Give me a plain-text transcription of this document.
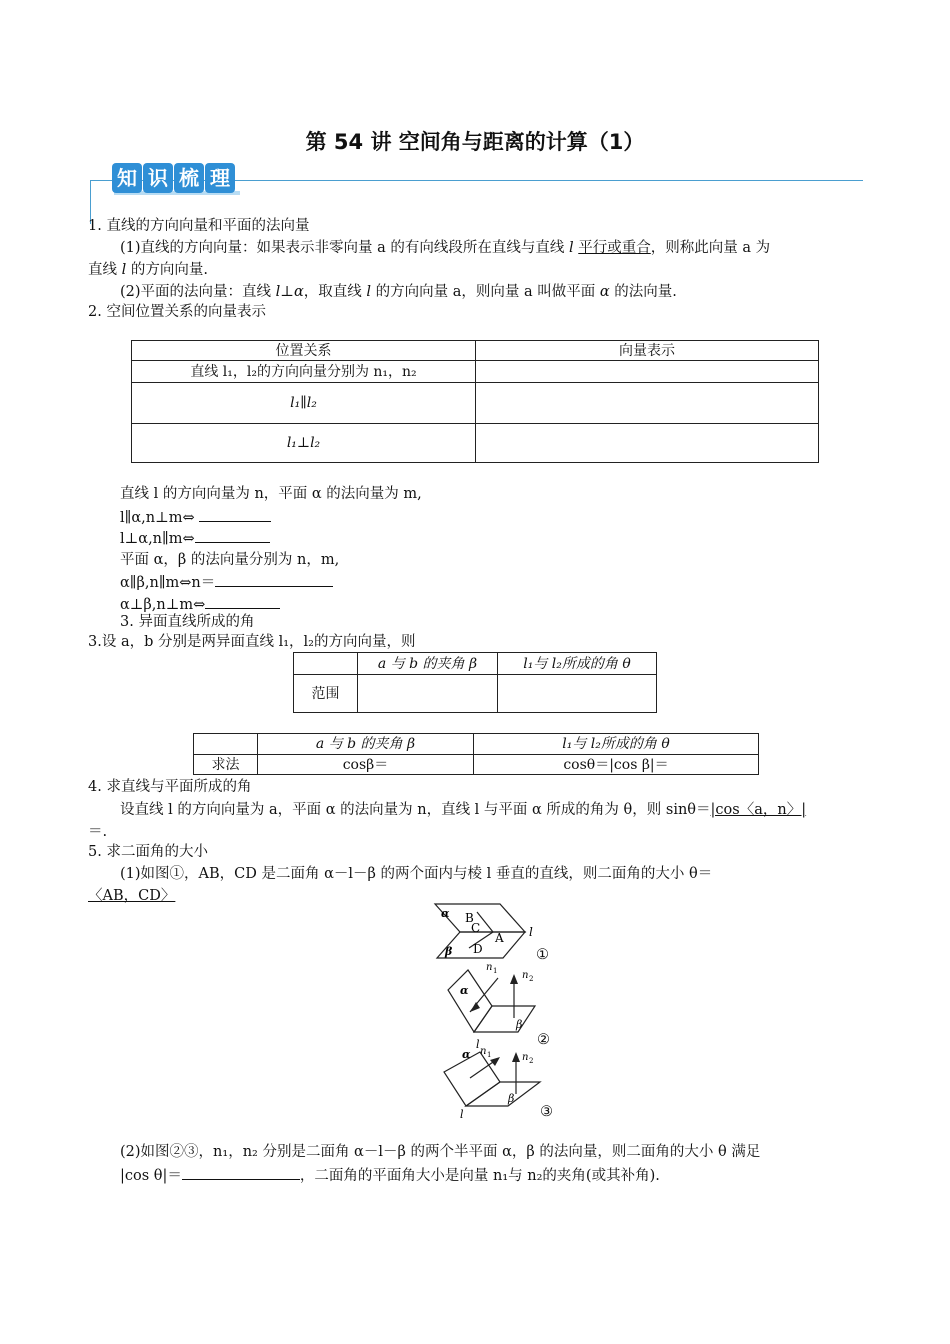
第 54 讲 空间角与距离的计算（1）
知 识 梳 理
1. 直线的方向向量和平面的法向量
(1)直线的方向向量：如果表示非零向量 a 的有向线段所在直线与直线 l 平行或重合，则称此向量 a 为
直线 l 的方向向量.
(2)平面的法向量：直线 l⊥α，取直线 l 的方向向量 a，则向量 a 叫做平面 α 的法向量.
2. 空间位置关系的向量表示
位置关系	向量表示
直线 l₁，l₂的方向向量分别为 n₁，n₂	
l₁∥l₂	
l₁⊥l₂	
直线 l 的方向向量为 n，平面 α 的法向量为 m,
l∥α,n⊥m⇔
l⊥α,n∥m⇔
平面 α，β 的法向量分别为 n，m,
α∥β,n∥m⇔n＝
α⊥β,n⊥m⇔
3. 异面直线所成的角
3.设 a，b 分别是两异面直线 l₁，l₂的方向向量，则
	a 与 b 的夹角 β	l₁与 l₂所成的角 θ
范围		
	a 与 b 的夹角 β	l₁与 l₂所成的角 θ
求法	cosβ＝	cosθ＝|cos β|＝
4. 求直线与平面所成的角
设直线 l 的方向向量为 a，平面 α 的法向量为 n，直线 l 与平面 α 所成的角为 θ，则 sinθ＝|cos〈a，n〉|
＝.
5. 求二面角的大小
(1)如图①，AB，CD 是二面角 α－l－β 的两个面内与棱 l 垂直的直线，则二面角的大小 θ＝
〈AB，CD〉
α
β
B
C
A
D
l
①
n 1 n 2
α
β
l	②
n 1	n 2
α
β
l	③
(2)如图②③，n₁，n₂ 分别是二面角 α－l－β 的两个半平面 α，β 的法向量，则二面角的大小 θ 满足
|cos θ|＝	，二面角的平面角大小是向量 n₁与 n₂的夹角(或其补角).
